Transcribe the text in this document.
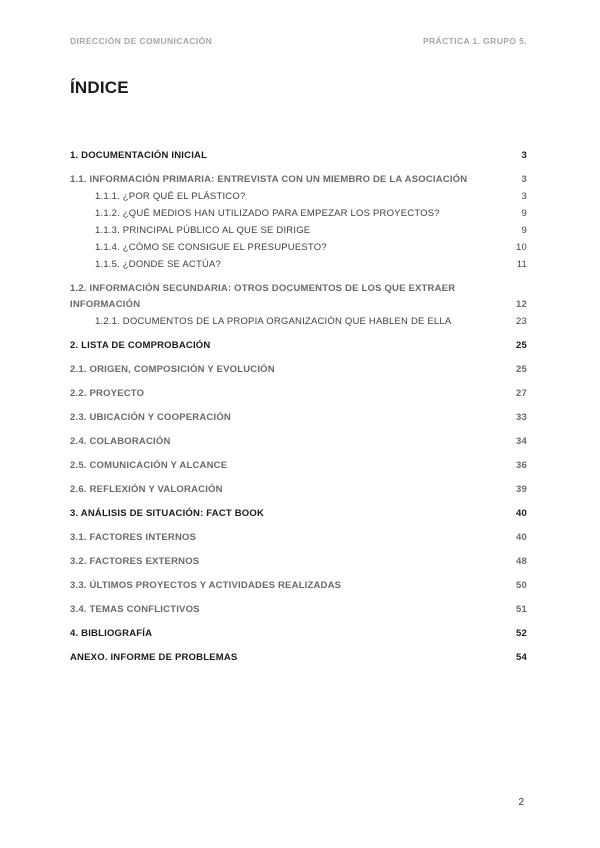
DIRECCIÓN DE COMUNICACIÓN	PRÁCTICA 1. GRUPO 5.
ÍNDICE
1. DOCUMENTACIÓN INICIAL	3
1.1. INFORMACIÓN PRIMARIA: ENTREVISTA CON UN MIEMBRO DE LA ASOCIACIÓN	3
1.1.1. ¿POR QUÉ EL PLÁSTICO?	3
1.1.2. ¿QUÉ MEDIOS HAN UTILIZADO PARA EMPEZAR LOS PROYECTOS?	9
1.1.3. PRINCIPAL PÚBLICO AL QUE SE DIRIGE	9
1.1.4. ¿CÓMO SE CONSIGUE EL PRESUPUESTO?	10
1.1.5. ¿DONDE SE ACTÚA?	11
1.2. INFORMACIÓN SECUNDARIA: OTROS DOCUMENTOS DE LOS QUE EXTRAER INFORMACIÓN	12
1.2.1. DOCUMENTOS DE LA PROPIA ORGANIZACIÓN QUE HABLEN DE ELLA	23
2. LISTA DE COMPROBACIÓN	25
2.1. ORIGEN, COMPOSICIÓN Y EVOLUCIÓN	25
2.2. PROYECTO	27
2.3. UBICACIÓN Y COOPERACIÓN	33
2.4. COLABORACIÓN	34
2.5. COMUNICACIÓN Y ALCANCE	36
2.6. REFLEXIÓN Y VALORACIÓN	39
3. ANÁLISIS DE SITUACIÓN: FACT BOOK	40
3.1. FACTORES INTERNOS	40
3.2. FACTORES EXTERNOS	48
3.3. ÚLTIMOS PROYECTOS Y ACTIVIDADES REALIZADAS	50
3.4. TEMAS CONFLICTIVOS	51
4. BIBLIOGRAFÍA	52
ANEXO. INFORME DE PROBLEMAS	54
2
